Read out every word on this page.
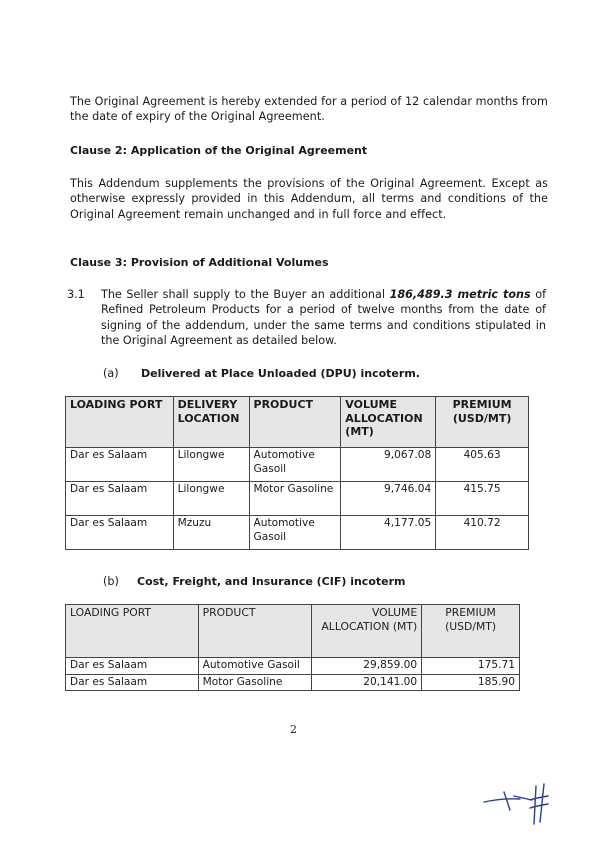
The Original Agreement is hereby extended for a period of 12 calendar months from the date of expiry of the Original Agreement.

Clause 2: Application of the Original Agreement

This Addendum supplements the provisions of the Original Agreement. Except as otherwise expressly provided in this Addendum, all terms and conditions of the Original Agreement remain unchanged and in full force and effect.

Clause 3: Provision of Additional Volumes
3.1 The Seller shall supply to the Buyer an additional 186,489.3 metric tons of Refined Petroleum Products for a period of twelve months from the date of signing of the addendum, under the same terms and conditions stipulated in the Original Agreement as detailed below.

(a) Delivered at Place Unloaded (DPU) incoterm.
LOADING PORT	DELIVERY LOCATION	PRODUCT	VOLUME ALLOCATION (MT)	PREMIUM (USD/MT)
Dar es Salaam	Lilongwe	Automotive Gasoil	9,067.08	405.63
Dar es Salaam	Lilongwe	Motor Gasoline	9,746.04	415.75
Dar es Salaam	Mzuzu	Automotive Gasoil	4,177.05	410.72
(b) Cost, Freight, and Insurance (CIF) incoterm
LOADING PORT	PRODUCT	VOLUME ALLOCATION (MT)	PREMIUM (USD/MT)
Dar es Salaam	Automotive Gasoil	29,859.00	175.71
Dar es Salaam	Motor Gasoline	20,141.00	185.90
2
